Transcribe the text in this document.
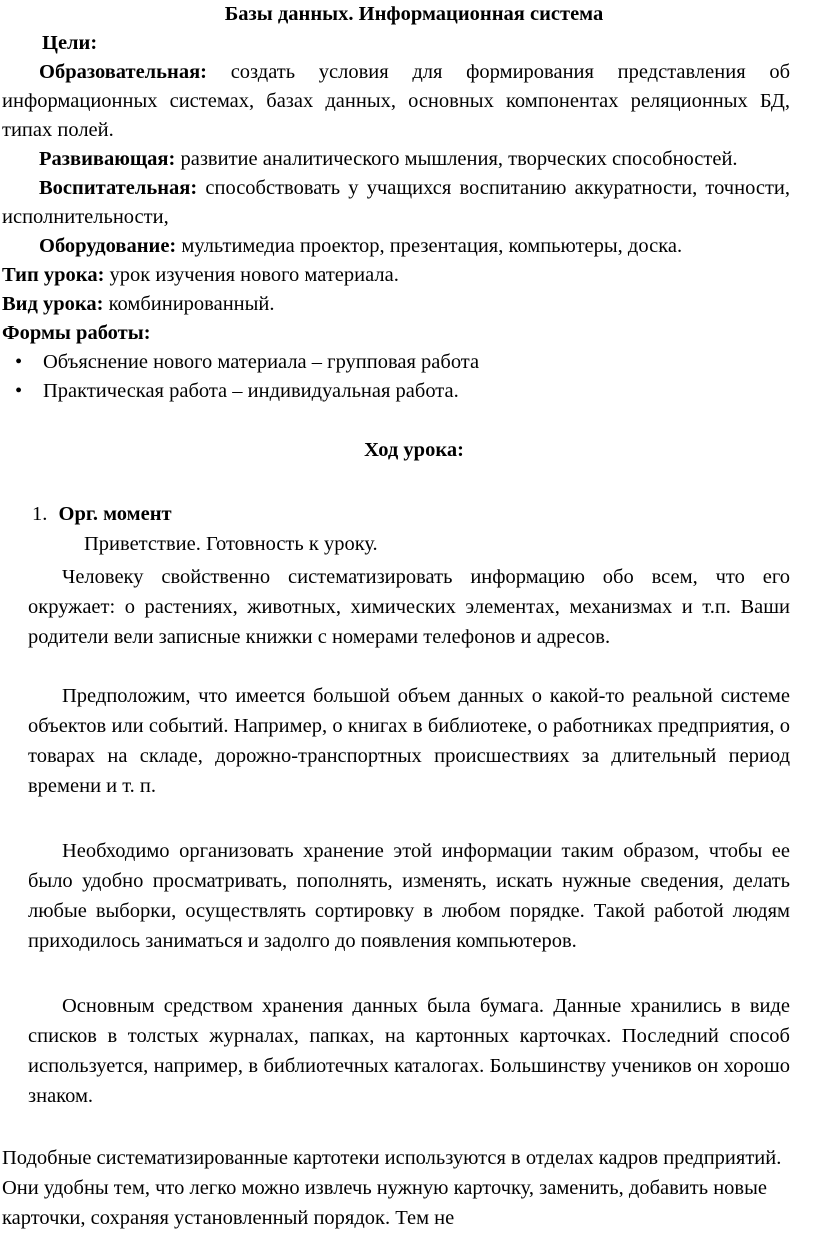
Базы данных. Информационная система

Цели:

Образовательная: создать условия для формирования представления об информационных системах, базах данных, основных компонентах реляционных БД, типах полей.

Развивающая: развитие аналитического мышления, творческих способностей.

Воспитательная: способствовать у учащихся воспитанию аккуратности, точности, исполнительности,

Оборудование: мультимедиа проектор, презентация, компьютеры, доска.

Тип урока: урок изучения нового материала.

Вид урока: комбинированный.

Формы работы:

• Объяснение нового материала – групповая работа
• Практическая работа – индивидуальная работа.

Ход урока:

1. Орг. момент

Приветствие. Готовность к уроку.

Человеку свойственно систематизировать информацию обо всем, что его окружает: о растениях, животных, химических элементах, механизмах и т.п. Ваши родители вели записные книжки с номерами телефонов и адресов.

Предположим, что имеется большой объем данных о какой-то реальной системе объектов или событий. Например, о книгах в библиотеке, о работниках предприятия, о товарах на складе, дорожно-транспортных происшествиях за длительный период времени и т. п.

Необходимо организовать хранение этой информации таким образом, чтобы ее было удобно просматривать, пополнять, изменять, искать нужные сведения, делать любые выборки, осуществлять сортировку в любом порядке. Такой работой людям приходилось заниматься и задолго до появления компьютеров.

Основным средством хранения данных была бумага. Данные хранились в виде списков в толстых журналах, папках, на картонных карточках. Последний способ используется, например, в библиотечных каталогах. Большинству учеников он хорошо знаком.

Подобные систематизированные картотеки используются в отделах кадров предприятий. Они удобны тем, что легко можно извлечь нужную карточку, заменить, добавить новые карточки, сохраняя установленный порядок. Тем не
